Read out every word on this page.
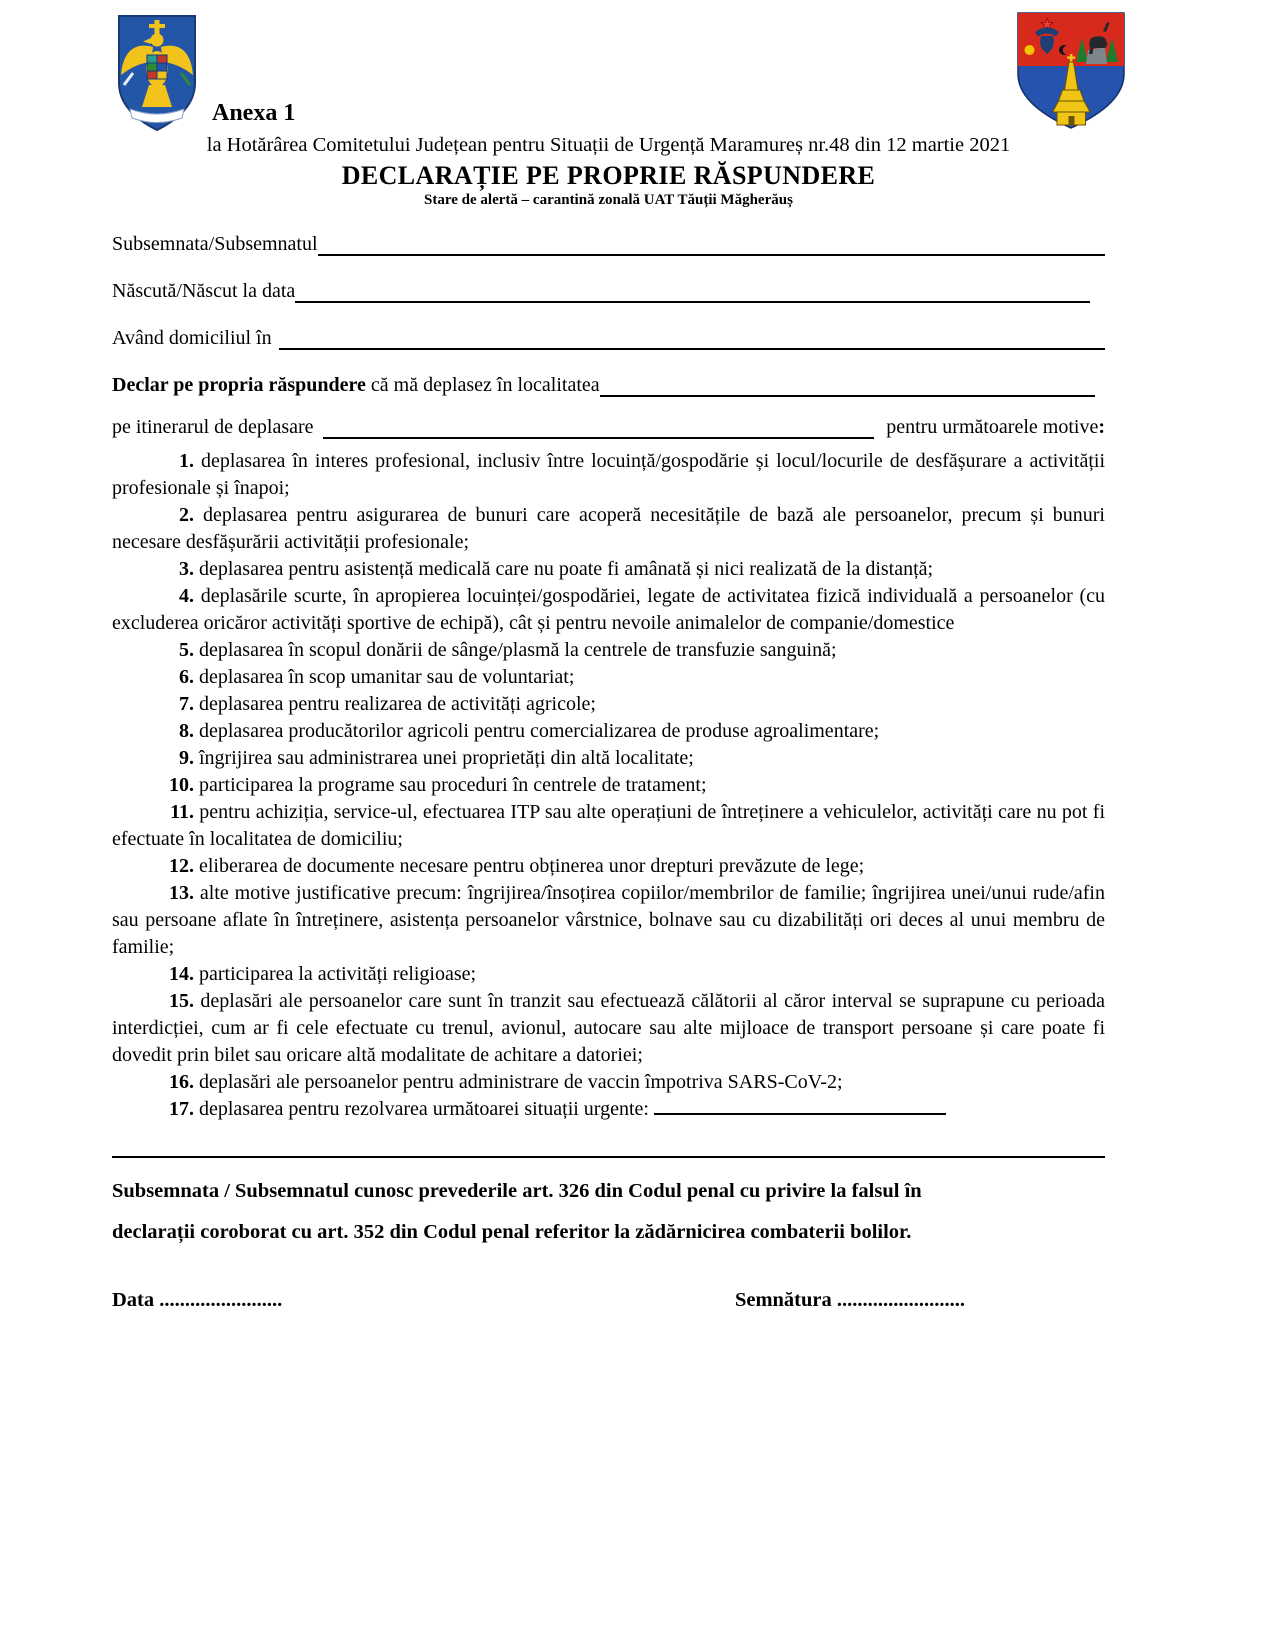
Anexa 1
la Hotărârea Comitetului Județean pentru Situații de Urgență Maramureș nr.48 din 12 martie 2021
DECLARAȚIE PE PROPRIE RĂSPUNDERE
Stare de alertă – carantină zonală UAT Tăuții Măgherăuș
Subsemnata/Subsemnatul
Născută/Născut la data
Având domiciliul în
Declar pe propria răspundere că mă deplasez în localitatea
pe itinerarul de deplasare	pentru următoarele motive:

1. deplasarea în interes profesional, inclusiv între locuință/gospodărie și locul/locurile de desfășurare a activității profesionale și înapoi;

2. deplasarea pentru asigurarea de bunuri care acoperă necesitățile de bază ale persoanelor, precum și bunuri necesare desfășurării activității profesionale;

3. deplasarea pentru asistență medicală care nu poate fi amânată și nici realizată de la distanță;

4. deplasările scurte, în apropierea locuinței/gospodăriei, legate de activitatea fizică individuală a persoanelor (cu excluderea oricăror activități sportive de echipă), cât și pentru nevoile animalelor de companie/domestice

5. deplasarea în scopul donării de sânge/plasmă la centrele de transfuzie sanguină;

6. deplasarea în scop umanitar sau de voluntariat;

7. deplasarea pentru realizarea de activități agricole;

8. deplasarea producătorilor agricoli pentru comercializarea de produse agroalimentare;

9. îngrijirea sau administrarea unei proprietăți din altă localitate;

10. participarea la programe sau proceduri în centrele de tratament;

11. pentru achiziția, service-ul, efectuarea ITP sau alte operațiuni de întreținere a vehiculelor, activități care nu pot fi efectuate în localitatea de domiciliu;

12. eliberarea de documente necesare pentru obținerea unor drepturi prevăzute de lege;

13. alte motive justificative precum: îngrijirea/însoțirea copiilor/membrilor de familie; îngrijirea unei/unui rude/afin sau persoane aflate în întreținere, asistența persoanelor vârstnice, bolnave sau cu dizabilități ori deces al unui membru de familie;

14. participarea la activități religioase;

15. deplasări ale persoanelor care sunt în tranzit sau efectuează călătorii al căror interval se suprapune cu perioada interdicției, cum ar fi cele efectuate cu trenul, avionul, autocare sau alte mijloace de transport persoane și care poate fi dovedit prin bilet sau oricare altă modalitate de achitare a datoriei;

16. deplasări ale persoanelor pentru administrare de vaccin împotriva SARS-CoV-2;

17. deplasarea pentru rezolvarea următoarei situații urgente:

Subsemnata / Subsemnatul cunosc prevederile art. 326 din Codul penal cu privire la falsul în
declarații coroborat cu art. 352 din Codul penal referitor la zădărnicirea combaterii bolilor.
Data ........................	Semnătura .........................
